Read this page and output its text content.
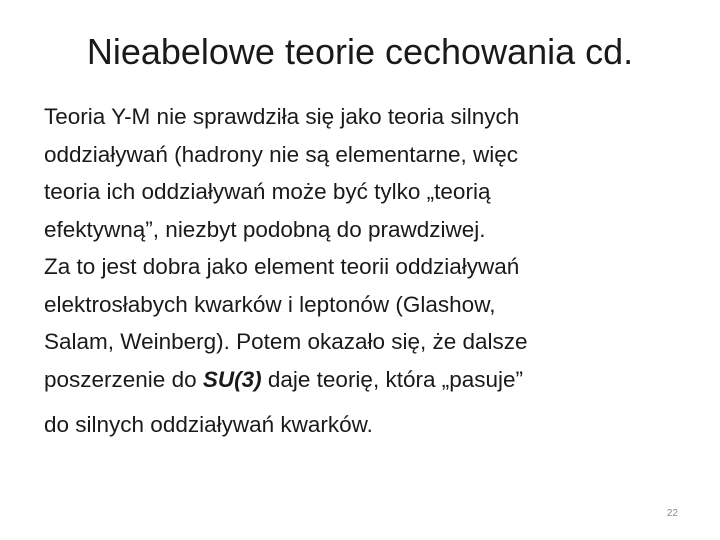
Nieabelowe teorie cechowania cd.
Teoria Y-M nie sprawdziła się jako teoria silnych
oddziaływań (hadrony nie są elementarne, więc
teoria ich oddziaływań może być tylko „teorią
efektywną”, niezbyt podobną do prawdziwej.
Za to jest dobra jako element teorii oddziaływań
elektrosłabych kwarków i leptonów (Glashow,
Salam, Weinberg). Potem okazało się, że dalsze
poszerzenie do SU(3) daje teorię, która „pasuje”
do silnych oddziaływań kwarków.
22
